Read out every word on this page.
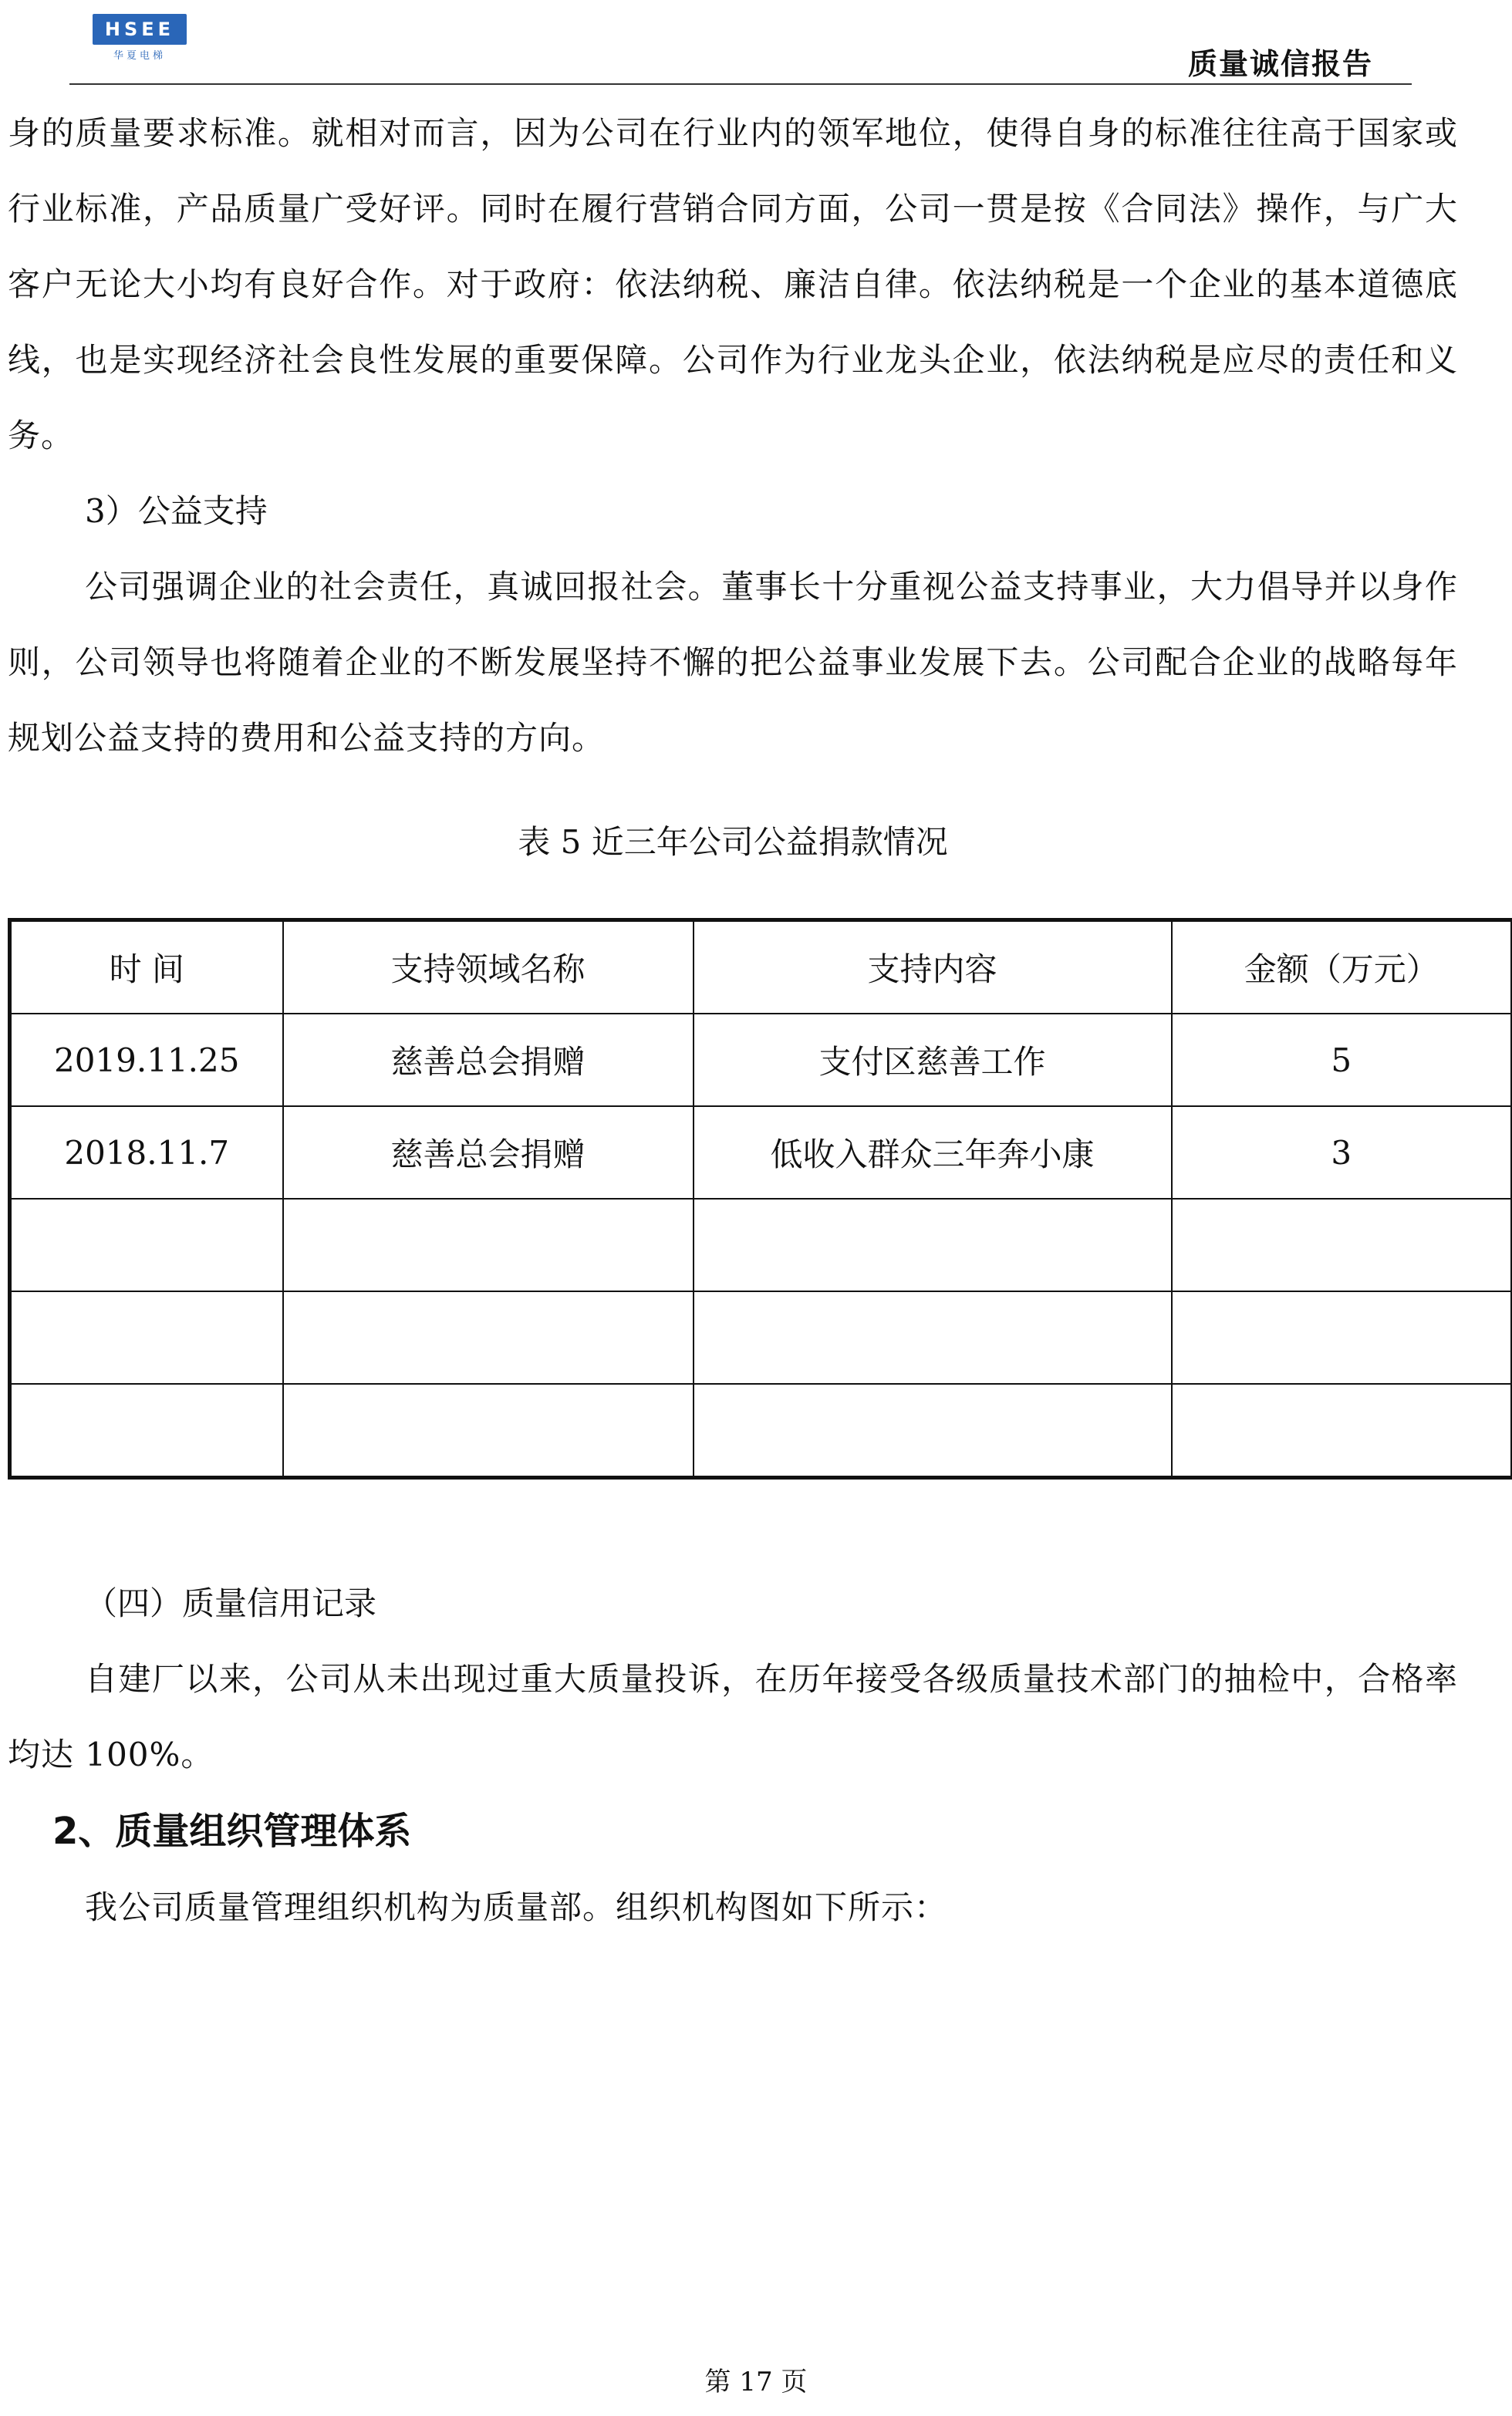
HSEE
华夏电梯	质量诚信报告

身的质量要求标准。就相对而言，因为公司在行业内的领军地位，使得自身的标准往往高于国家或行业标准，产品质量广受好评。同时在履行营销合同方面，公司一贯是按《合同法》操作，与广大客户无论大小均有良好合作。对于政府：依法纳税、廉洁自律。依法纳税是一个企业的基本道德底线，也是实现经济社会良性发展的重要保障。公司作为行业龙头企业，依法纳税是应尽的责任和义务。

3）公益支持

公司强调企业的社会责任，真诚回报社会。董事长十分重视公益支持事业，大力倡导并以身作则，公司领导也将随着企业的不断发展坚持不懈的把公益事业发展下去。公司配合企业的战略每年规划公益支持的费用和公益支持的方向。

表 5 近三年公司公益捐款情况

时 间	支持领域名称	支持内容	金额（万元）
2019.11.25	慈善总会捐赠	支付区慈善工作	5
2018.11.7	慈善总会捐赠	低收入群众三年奔小康	3

（四）质量信用记录

自建厂以来，公司从未出现过重大质量投诉，在历年接受各级质量技术部门的抽检中，合格率均达 100%。

2、质量组织管理体系

我公司质量管理组织机构为质量部。组织机构图如下所示：

第 17 页
